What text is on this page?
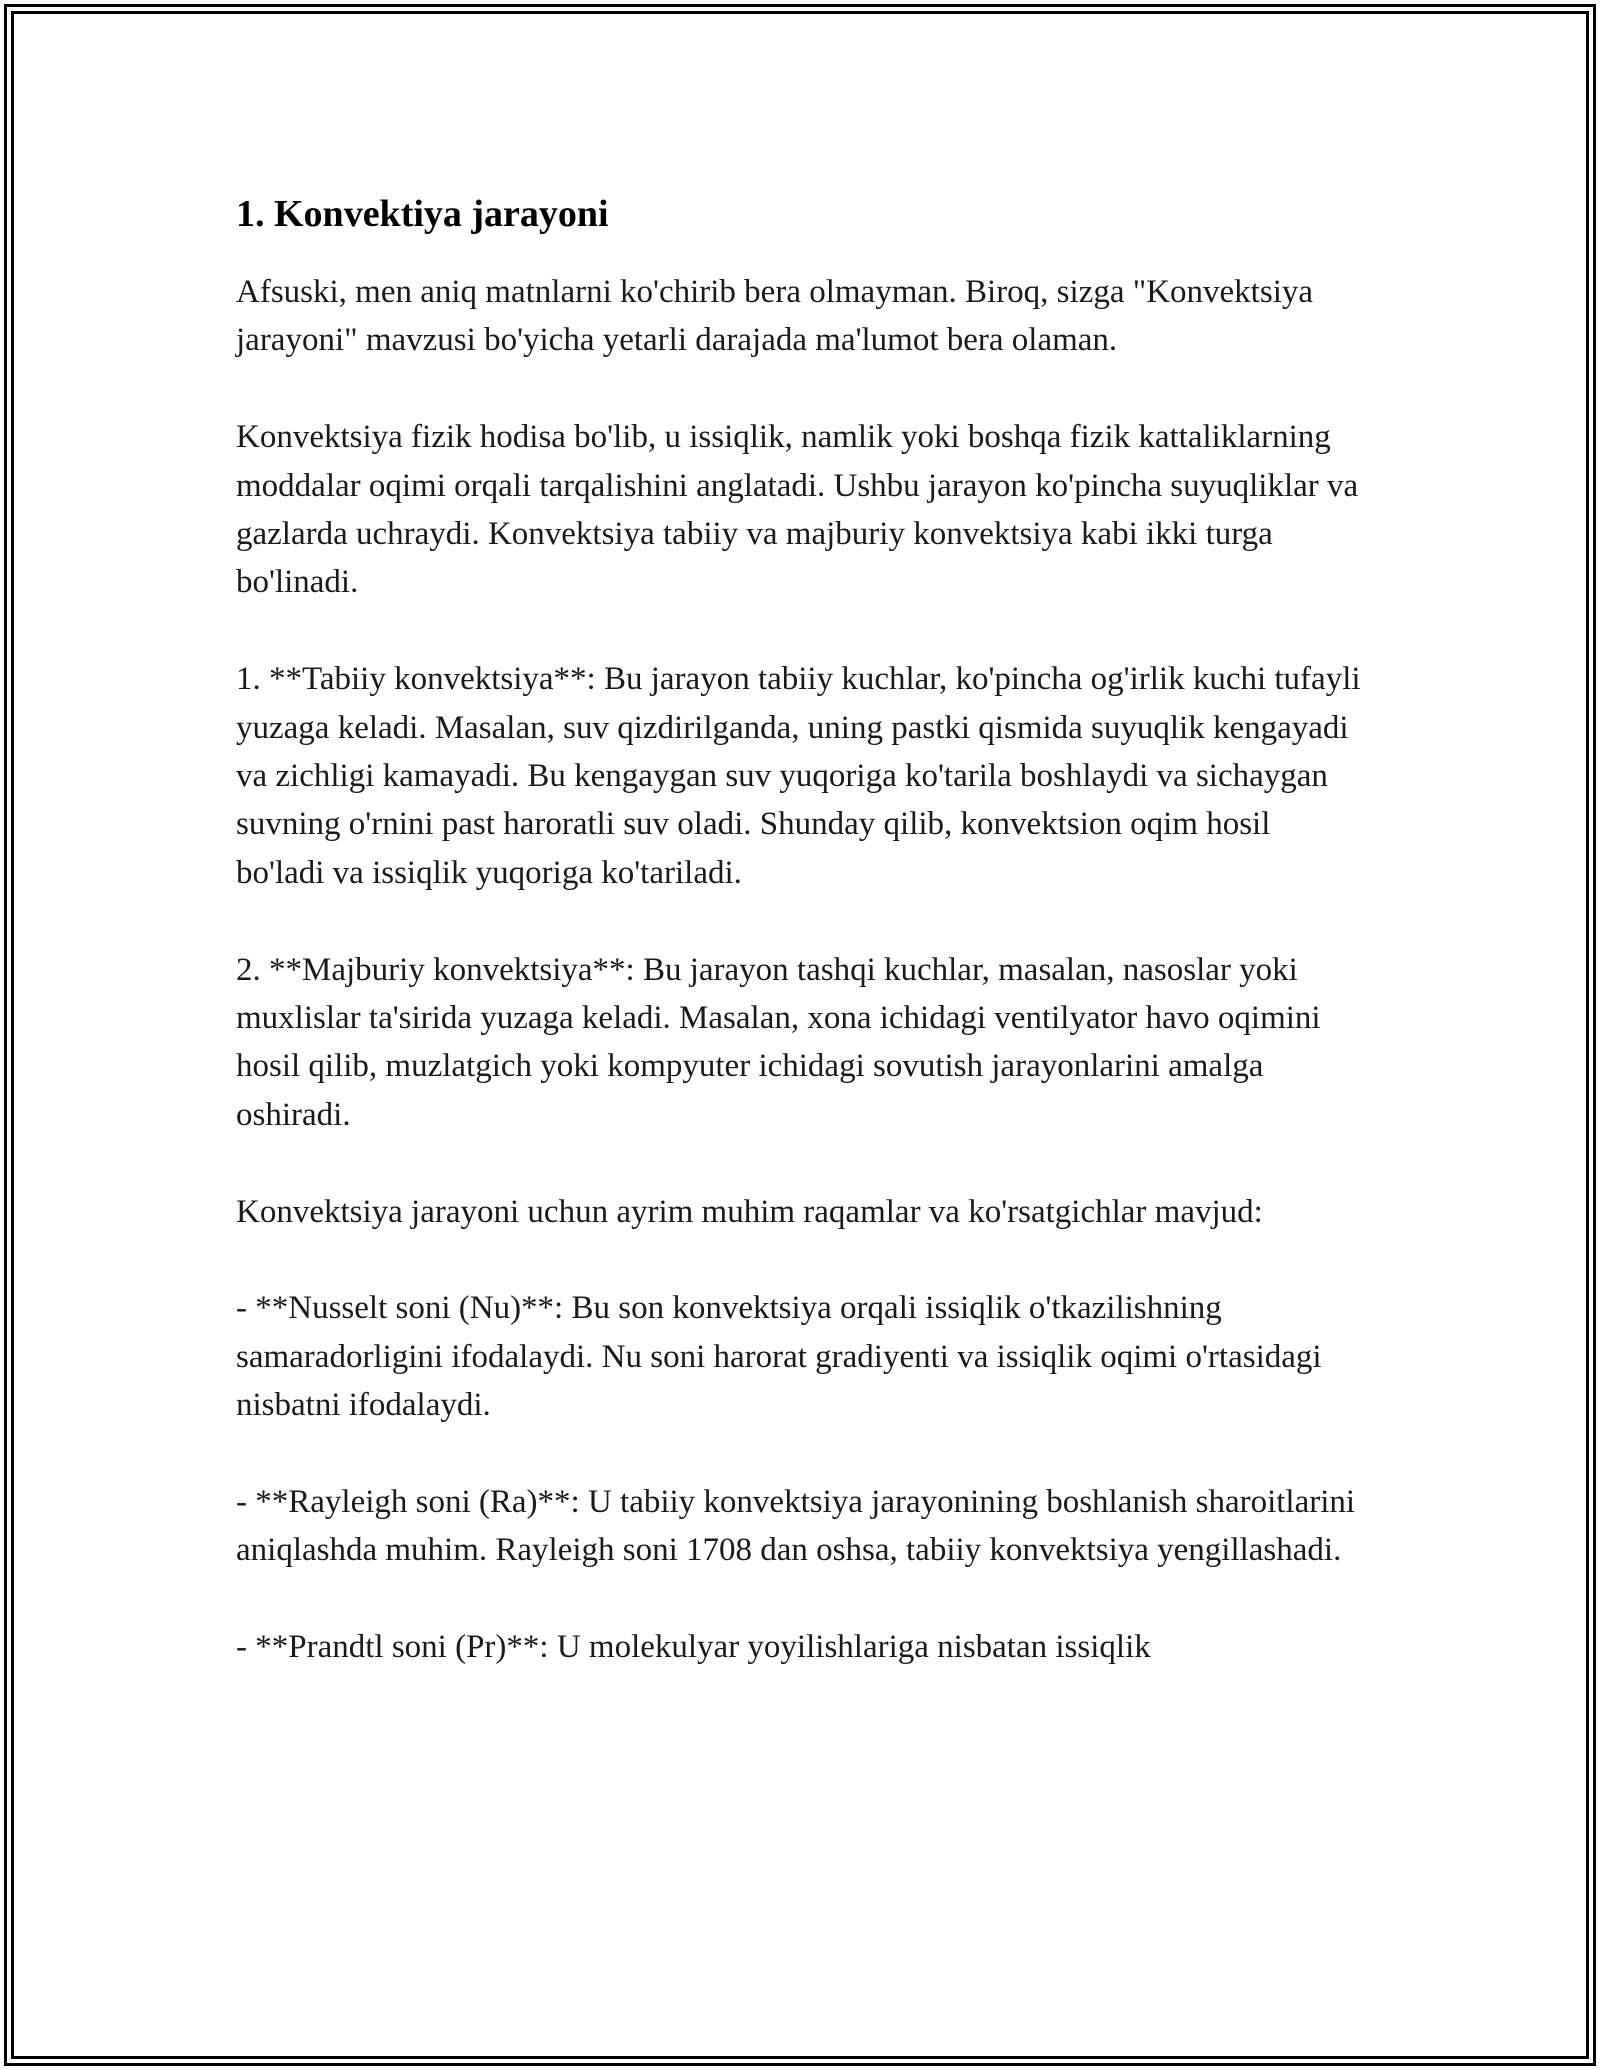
1. Konvektiya jarayoni

Afsuski, men aniq matnlarni ko'chirib bera olmayman. Biroq, sizga "Konvektsiya jarayoni" mavzusi bo'yicha yetarli darajada ma'lumot bera olaman.

Konvektsiya fizik hodisa bo'lib, u issiqlik, namlik yoki boshqa fizik kattaliklarning moddalar oqimi orqali tarqalishini anglatadi. Ushbu jarayon ko'pincha suyuqliklar va gazlarda uchraydi. Konvektsiya tabiiy va majburiy konvektsiya kabi ikki turga bo'linadi.

1. **Tabiiy konvektsiya**: Bu jarayon tabiiy kuchlar, ko'pincha og'irlik kuchi tufayli yuzaga keladi. Masalan, suv qizdirilganda, uning pastki qismida suyuqlik kengayadi va zichligi kamayadi. Bu kengaygan suv yuqoriga ko'tarila boshlaydi va sichaygan suvning o'rnini past haroratli suv oladi. Shunday qilib, konvektsion oqim hosil bo'ladi va issiqlik yuqoriga ko'tariladi.

2. **Majburiy konvektsiya**: Bu jarayon tashqi kuchlar, masalan, nasoslar yoki muxlislar ta'sirida yuzaga keladi. Masalan, xona ichidagi ventilyator havo oqimini hosil qilib, muzlatgich yoki kompyuter ichidagi sovutish jarayonlarini amalga oshiradi.

Konvektsiya jarayoni uchun ayrim muhim raqamlar va ko'rsatgichlar mavjud:

- **Nusselt soni (Nu)**: Bu son konvektsiya orqali issiqlik o'tkazilishning samaradorligini ifodalaydi. Nu soni harorat gradiyenti va issiqlik oqimi o'rtasidagi nisbatni ifodalaydi.

- **Rayleigh soni (Ra)**: U tabiiy konvektsiya jarayonining boshlanish sharoitlarini aniqlashda muhim. Rayleigh soni 1708 dan oshsa, tabiiy konvektsiya yengillashadi.

- **Prandtl soni (Pr)**: U molekulyar yoyilishlariga nisbatan issiqlik
